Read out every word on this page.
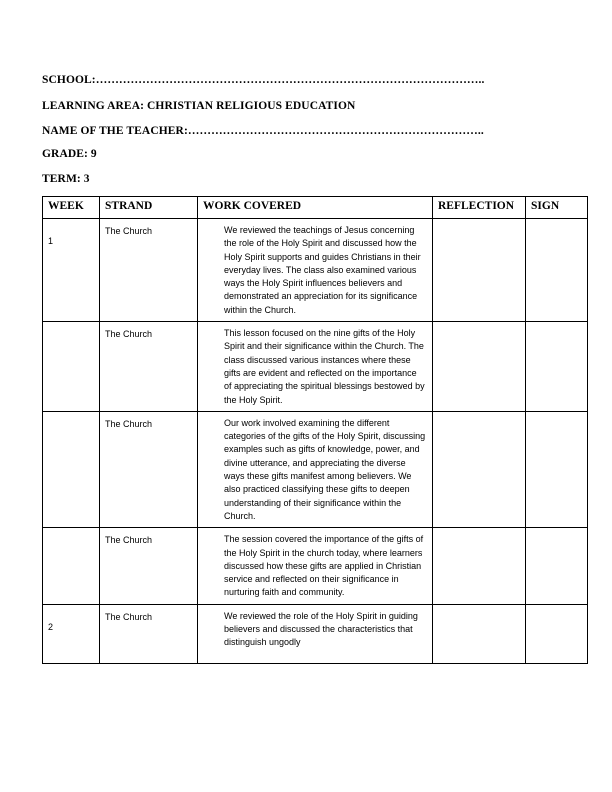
SCHOOL:………………………………………………………………………………………..
LEARNING AREA: CHRISTIAN RELIGIOUS EDUCATION
NAME OF THE TEACHER:…………………………………………………………………..
GRADE: 9
TERM: 3
WEEK	STRAND	WORK COVERED	REFLECTION	SIGN
1	The Church	We reviewed the teachings of Jesus concerning the role of the Holy Spirit and discussed how the Holy Spirit supports and guides Christians in their everyday lives. The class also examined various ways the Holy Spirit influences believers and demonstrated an appreciation for its significance within the Church.		

	The Church	This lesson focused on the nine gifts of the Holy Spirit and their significance within the Church. The class discussed various instances where these gifts are evident and reflected on the importance of appreciating the spiritual blessings bestowed by the Holy Spirit.		

	The Church	Our work involved examining the different categories of the gifts of the Holy Spirit, discussing examples such as gifts of knowledge, power, and divine utterance, and appreciating the diverse ways these gifts manifest among believers. We also practiced classifying these gifts to deepen understanding of their significance within the Church.		

	The Church	The session covered the importance of the gifts of the Holy Spirit in the church today, where learners discussed how these gifts are applied in Christian service and reflected on their significance in nurturing faith and community.		

2	The Church	We reviewed the role of the Holy Spirit in guiding believers and discussed the characteristics that distinguish ungodly		
